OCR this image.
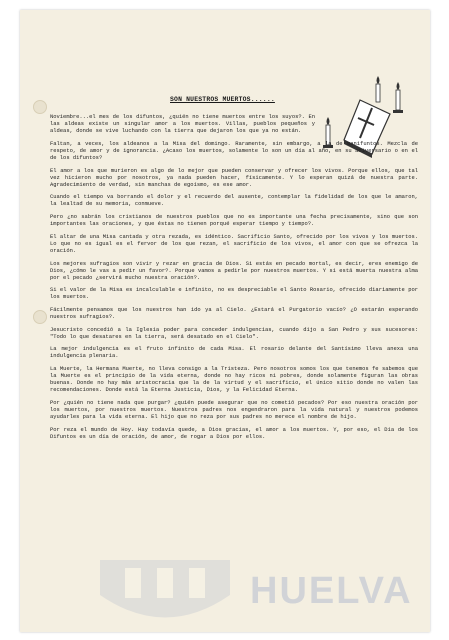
SON NUESTROS MUERTOS......

Noviembre...el mes de los difuntos, ¿quién no tiene muertos entre los suyos?. En las aldeas existe un singular amor a los muertos. Villas, pueblos pequeños y aldeas, donde se vive luchando con la tierra que dejaron los que ya no están.

Faltan, a veces, los aldeanos a la Misa del domingo. Raramente, sin embargo, a la de manifuntos. Mezcla de respeto, de amor y de ignorancia. ¿Acaso los muertos, solamente lo son un día al año, en su aniversario o en el de los difuntos?

El amor a los que murieron es algo de lo mejor que pueden conservar y ofrecer los vivos. Porque ellos, que tal vez hicieron mucho por nosotros, ya nada pueden hacer, físicamente. Y lo esperan quizá de nuestra parte. Agradecimiento de verdad, sin manchas de egoísmo, es ese amor.

Cuando el tiempo va borrando el dolor y el recuerdo del ausente, contemplar la fidelidad de los que le amaron, la lealtad de su memoria, conmueve.

Pero ¿no sabrán los cristianos de nuestros pueblos que no es importante una fecha precisamente, sino que son importantes las oraciones, y que éstas no tienen porqué esperar tiempo y tiempo?.

El altar de una Misa cantada y otra rezada, es idéntico. Sacrificio Santo, ofrecido por los vivos y los muertos. Lo que no es igual es el fervor de los que rezan, el sacrificio de los vivos, el amor con que se ofrezca la oración.

Los mejores sufragios son vivir y rezar en gracia de Dios. Si estás en pecado mortal, es decir, eres enemigo de Dios, ¿cómo le vas a pedir un favor?. Porque vamos a pedirle por nuestros muertos. Y si está muerta nuestra alma por el pecado ¿servirá mucho nuestra oración?.

Si el valor de la Misa es incalculable e infinito, no es despreciable el Santo Rosario, ofrecido diariamente por los muertos.

Fácilmente pensamos que los nuestros han ido ya al Cielo. ¿Estará el Purgatorio vacío? ¿O estarán esperando nuestros sufragios?.

Jesucristo concedió a la Iglesia poder para conceder indulgencias, cuando dijo a San Pedro y sus sucesores: "Todo lo que desatares en la tierra, será desatado en el Cielo".

La mejor indulgencia es el fruto infinito de cada Misa. El rosario delante del Santísimo lleva anexa una indulgencia plenaria.

La Muerte, la Hermana Muerte, no lleva consigo a la Tristeza. Pero nosotros somos los que tenemos fe sabemos que la Muerte es el principio de la vida eterna, donde no hay ricos ni pobres, donde solamente figuran las obras buenas. Donde no hay más aristocracia que la de la virtud y el sacrificio, el único sitio donde no valen las recomendaciones. Donde está la Eterna Justicia, Dios, y la Felicidad Eterna.

Por ¿quién no tiene nada que purgar? ¿quién puede asegurar que no cometió pecados? Por eso nuestra oración por los muertos, por nuestros muertos. Nuestros padres nos engendraron para la vida natural y nuestros podemos ayudarles para la vida eterna. El hijo que no reza por sus padres no merece el nombre de hijo.

Por reza el mundo de Hoy. Hay todavía quede, a Dios gracias, el amor a los muertos. Y, por eso, el Día de los Difuntos es un día de oración, de amor, de rogar a Dios por ellos.

HUELVA
